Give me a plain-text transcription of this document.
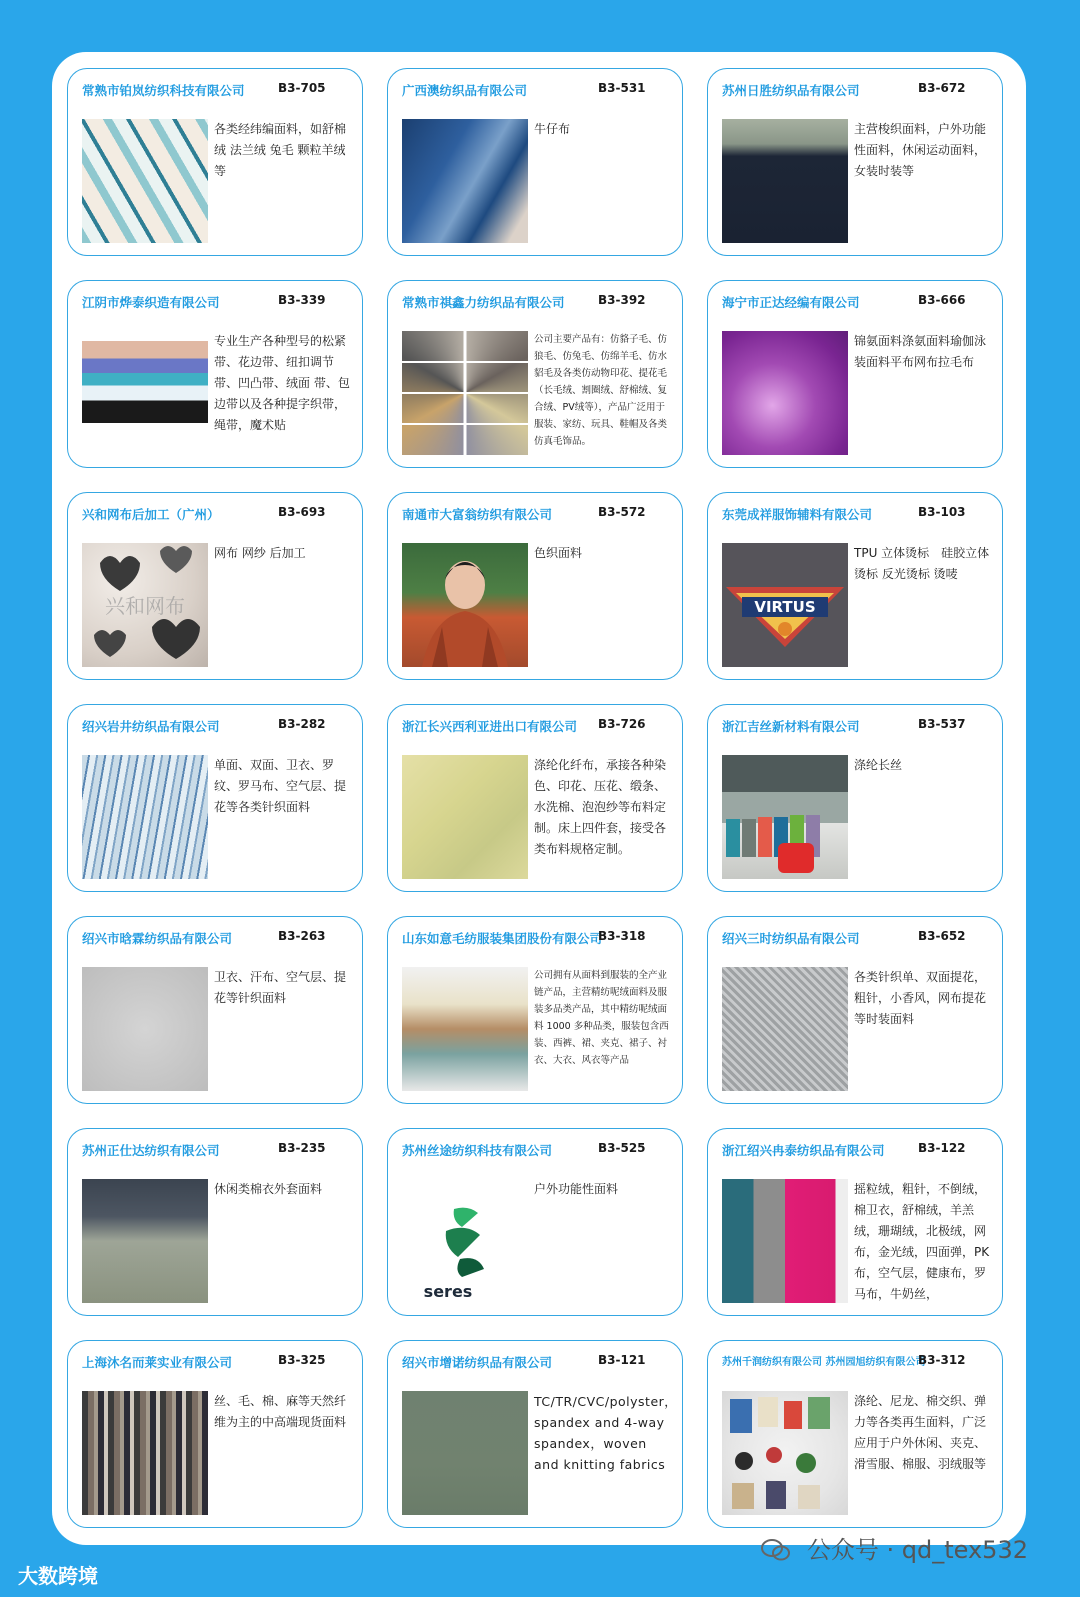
常熟市铂岚纺织科技有限公司	B3-705
各类经纬编面料，如舒棉绒 法兰绒 兔毛 颗粒羊绒等
广西澳纺织品有限公司	B3-531
牛仔布
苏州日胜纺织品有限公司	B3-672
主营梭织面料，户外功能性面料，休闲运动面料，女装时装等
江阴市烨泰织造有限公司	B3-339
专业生产各种型号的松紧带、花边带、纽扣调节带、凹凸带、绒面 带、包边带以及各种提字织带，绳带，魔术贴
常熟市祺鑫力纺织品有限公司	B3-392
公司主要产品有：仿貉子毛、仿狼毛、仿兔毛、仿绵羊毛、仿水貂毛及各类仿动物印花、提花毛（长毛绒、割圈绒、舒棉绒、复合绒、PV绒等），产品广泛用于服装、家纺、玩具、鞋帽及各类仿真毛饰品。
海宁市正达经编有限公司	B3-666
锦氨面料涤氨面料瑜伽泳装面料平布网布拉毛布
兴和网布后加工（广州）	B3-693
兴和网布
网布 网纱 后加工
南通市大富翁纺织有限公司	B3-572
色织面料
东莞成祥服饰辅料有限公司	B3-103
VIRTUS
TPU 立体烫标　硅胶立体烫标 反光烫标 烫唛
绍兴岩井纺织品有限公司	B3-282
单面、双面、卫衣、罗纹、罗马布、空气层、提花等各类针织面料
浙江长兴西利亚进出口有限公司 B3-726
涤纶化纤布，承接各种染色、印花、压花、缎条、水洗棉、泡泡纱等布料定制。床上四件套，接受各类布料规格定制。
浙江吉丝新材料有限公司	B3-537
涤纶长丝
绍兴市晗霖纺织品有限公司	B3-263
卫衣、汗布、空气层、提花等针织面料
山东如意毛纺服装集团股份有限公司
B3-318
公司拥有从面料到服装的全产业链产品，主营精纺呢绒面料及服装多品类产品，其中精纺呢绒面料 1000 多种品类，服装包含西装、西裤、裙、夹克、裙子、衬衣、大衣、风衣等产品
绍兴三时纺织品有限公司	B3-652
各类针织单、双面提花，粗针，小香风，网布提花等时装面料
苏州正仕达纺织有限公司	B3-235
休闲类棉衣外套面料
苏州丝途纺织科技有限公司	B3-525
seres
户外功能性面料
浙江绍兴冉泰纺织品有限公司	B3-122
摇粒绒，粗针，不倒绒，棉卫衣，舒棉绒，羊羔绒，珊瑚绒，北极绒，网布，金光绒，四面弹，PK 布，空气层，健康布，罗马布，牛奶丝，
上海沐名而莱实业有限公司	B3-325
丝、毛、棉、麻等天然纤维为主的中高端现货面料
绍兴市增诺纺织品有限公司	B3-121
TC/TR/CVC/polyster，spandex and 4-way spandex，woven and knitting fabrics
苏州千润纺织有限公司 苏州园旭纺织有限公司
B3-312
涤纶、尼龙、棉交织、弹力等各类再生面料，广泛应用于户外休闲、夹克、滑雪服、棉服、羽绒服等
公众号 · qd_tex532
大数跨境
